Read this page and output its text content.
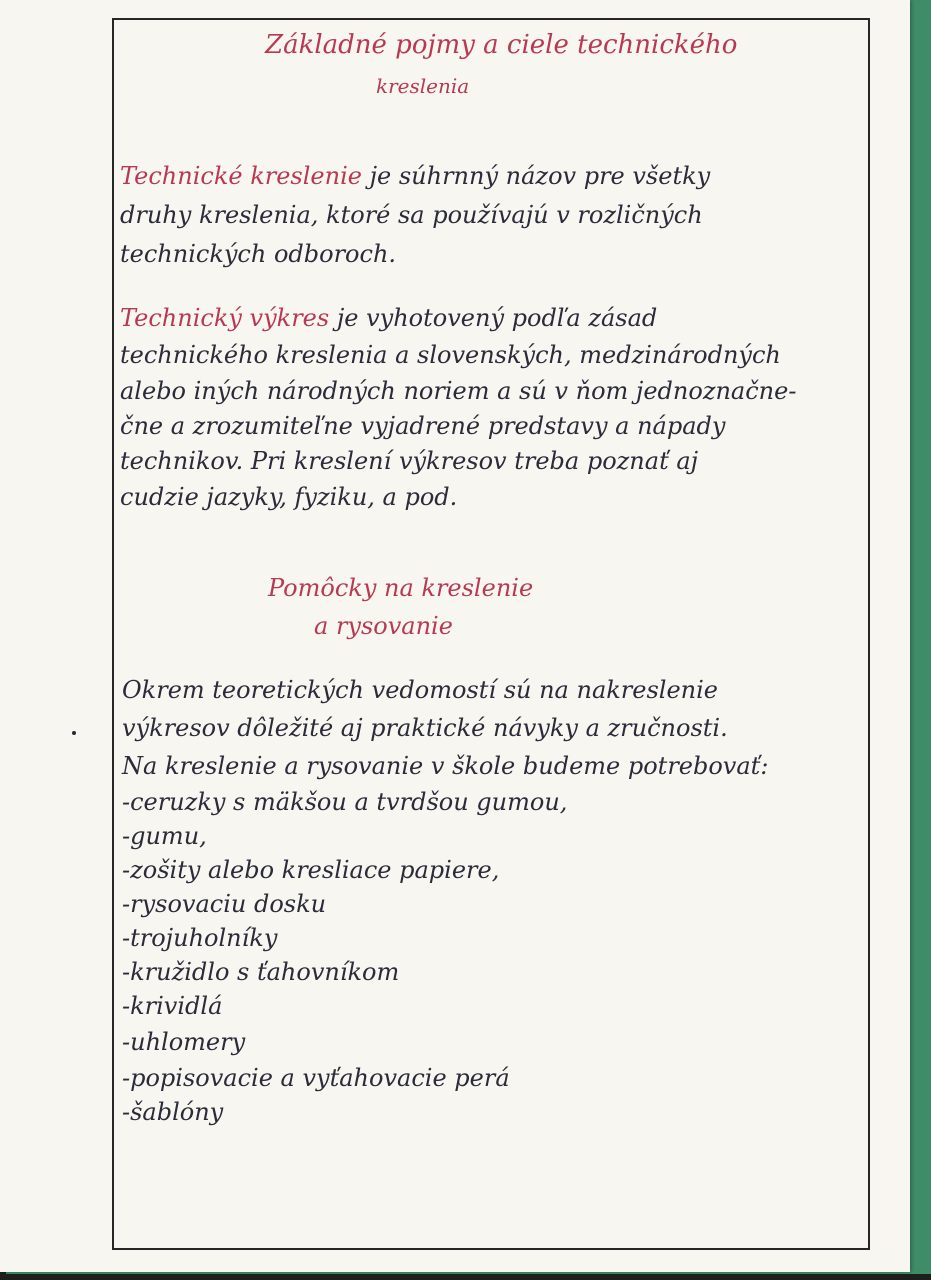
Základné pojmy a ciele technického

kreslenia

Technické kreslenie je súhrnný názov pre všetky

druhy kreslenia, ktoré sa používajú v rozličných

technických odboroch.

Technický výkres je vyhotovený podľa zásad

technického kreslenia a slovenských, medzinárodných

alebo iných národných noriem a sú v ňom jednoznačne-

čne a zrozumiteľne vyjadrené predstavy a nápady

technikov. Pri kreslení výkresov treba poznať aj

cudzie jazyky, fyziku, a pod.

Pomôcky na kreslenie

a rysovanie

Okrem teoretických vedomostí sú na nakreslenie

výkresov dôležité aj praktické návyky a zručnosti.

Na kreslenie a rysovanie v škole budeme potrebovať:

-ceruzky s mäkšou a tvrdšou gumou,

-gumu,

-zošity alebo kresliace papiere,

-rysovaciu dosku

-trojuholníky

-kružidlo s ťahovníkom

-krividlá

-uhlomery

-popisovacie a vyťahovacie perá

-šablóny
